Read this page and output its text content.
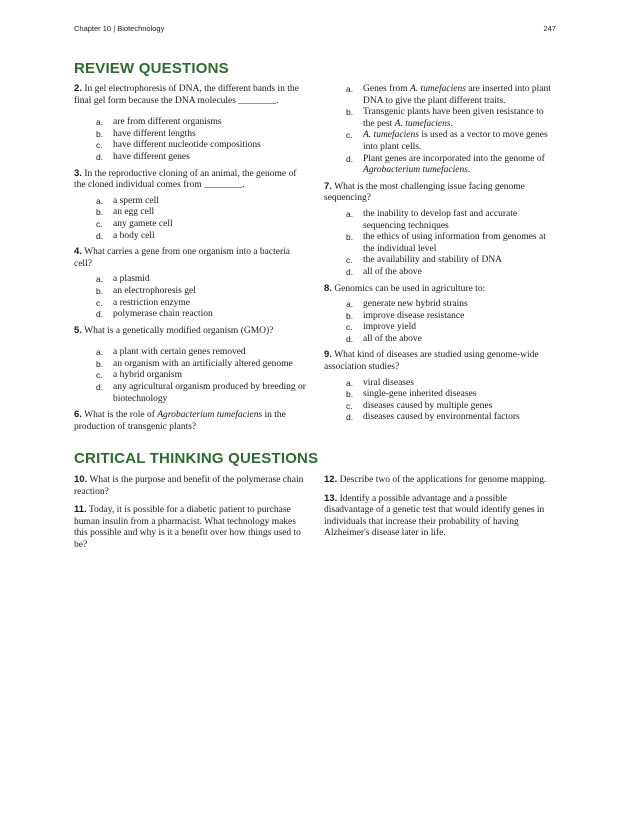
Chapter 10 | Biotechnology	247
REVIEW QUESTIONS

2. In gel electrophoresis of DNA, the different bands in the final gel form because the DNA molecules ________.

a.	are from different organisms
b.	have different lengths
c.	have different nucleotide compositions
d.	have different genes

3. In the reproductive cloning of an animal, the genome of the cloned individual comes from ________.

a.	a sperm cell
b.	an egg cell
c.	any gamete cell
d.	a body cell

4. What carries a gene from one organism into a bacteria cell?

a.	a plasmid
b.	an electrophoresis gel
c.	a restriction enzyme
d.	polymerase chain reaction

5. What is a genetically modified organism (GMO)?

a.	a plant with certain genes removed
b.	an organism with an artificially altered genome
c.	a hybrid organism
d.	any agricultural organism produced by breeding or biotechnology

6. What is the role of Agrobacterium tumefaciens in the production of transgenic plants?

a.	Genes from A. tumefaciens are inserted into plant DNA to give the plant different traits.
b.	Transgenic plants have been given resistance to the pest A. tumefaciens.
c.	A. tumefaciens is used as a vector to move genes into plant cells.
d.	Plant genes are incorporated into the genome of Agrobacterium tumefaciens.

7. What is the most challenging issue facing genome sequencing?

a.	the inability to develop fast and accurate sequencing techniques
b.	the ethics of using information from genomes at the individual level
c.	the availability and stability of DNA
d.	all of the above

8. Genomics can be used in agriculture to:

a.	generate new hybrid strains
b.	improve disease resistance
c.	improve yield
d.	all of the above

9. What kind of diseases are studied using genome-wide association studies?

a.	viral diseases
b.	single-gene inherited diseases
c.	diseases caused by multiple genes
d.	diseases caused by environmental factors
CRITICAL THINKING QUESTIONS

10. What is the purpose and benefit of the polymerase chain reaction?

11. Today, it is possible for a diabetic patient to purchase human insulin from a pharmacist. What technology makes this possible and why is it a benefit over how things used to be?

12. Describe two of the applications for genome mapping.

13. Identify a possible advantage and a possible disadvantage of a genetic test that would identify genes in individuals that increase their probability of having Alzheimer's disease later in life.
